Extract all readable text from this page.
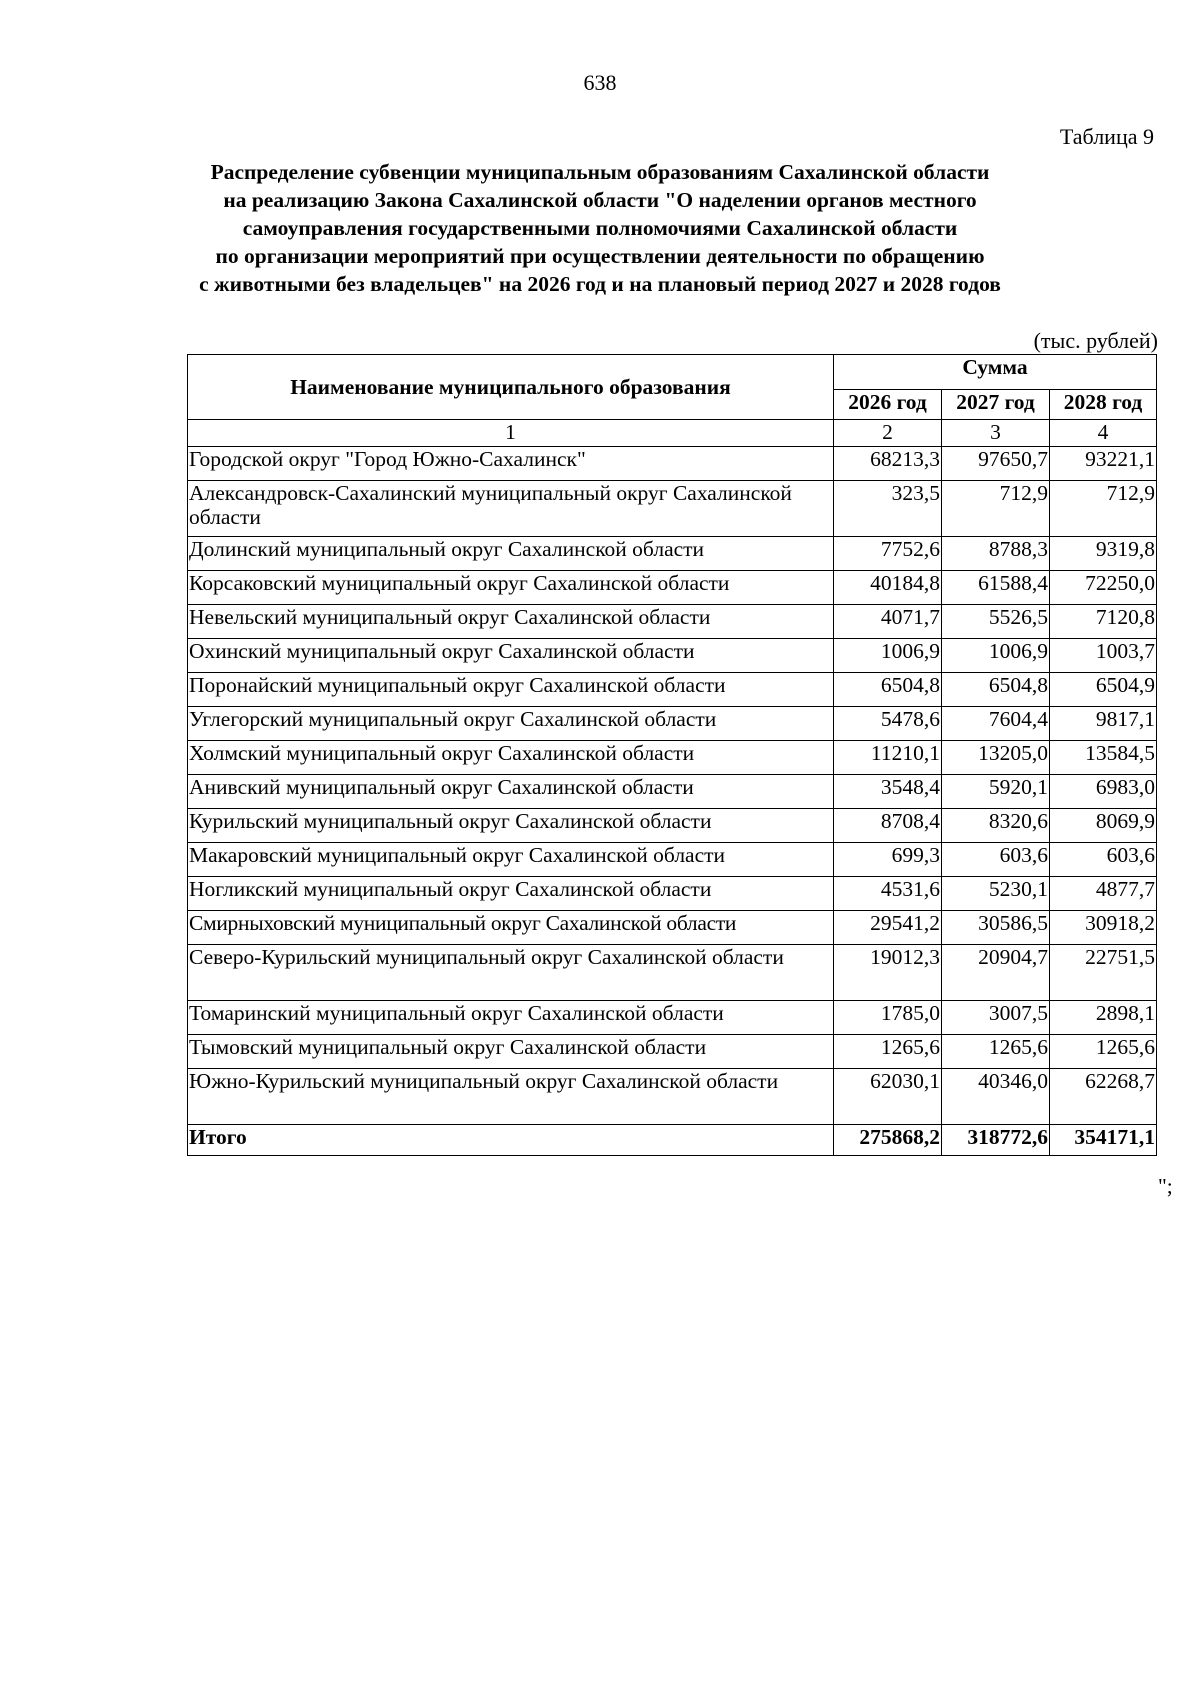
638
Таблица 9
Распределение субвенции муниципальным образованиям Сахалинской области
на реализацию Закона Сахалинской области "О наделении органов местного
самоуправления государственными полномочиями Сахалинской области
по организации мероприятий при осуществлении деятельности по обращению
с животными без владельцев" на 2026 год и на плановый период 2027 и 2028 годов
(тыс. рублей)
Наименование муниципального образования	Сумма		
	2026 год	2027 год	2028 год
1	2	3	4
Городской округ "Город Южно-Сахалинск"	68213,3	97650,7	93221,1
Александровск-Сахалинский муниципальный округ Сахалинской области	323,5	712,9	712,9
Долинский муниципальный округ Сахалинской области	7752,6	8788,3	9319,8
Корсаковский муниципальный округ Сахалинской области	40184,8	61588,4	72250,0
Невельский муниципальный округ Сахалинской области	4071,7	5526,5	7120,8
Охинский муниципальный округ Сахалинской области	1006,9	1006,9	1003,7
Поронайский муниципальный округ Сахалинской области	6504,8	6504,8	6504,9
Углегорский муниципальный округ Сахалинской области	5478,6	7604,4	9817,1
Холмский муниципальный округ Сахалинской области	11210,1	13205,0	13584,5
Анивский муниципальный округ Сахалинской области	3548,4	5920,1	6983,0
Курильский муниципальный округ Сахалинской области	8708,4	8320,6	8069,9
Макаровский муниципальный округ Сахалинской области	699,3	603,6	603,6
Ногликский муниципальный округ Сахалинской области	4531,6	5230,1	4877,7
Смирныховский муниципальный округ Сахалинской области	29541,2	30586,5	30918,2
Северо-Курильский муниципальный округ Сахалинской области	19012,3	20904,7	22751,5
Томаринский муниципальный округ Сахалинской области	1785,0	3007,5	2898,1
Тымовский муниципальный округ Сахалинской области	1265,6	1265,6	1265,6
Южно-Курильский муниципальный округ Сахалинской области	62030,1	40346,0	62268,7
Итого	275868,2	318772,6	354171,1
";
